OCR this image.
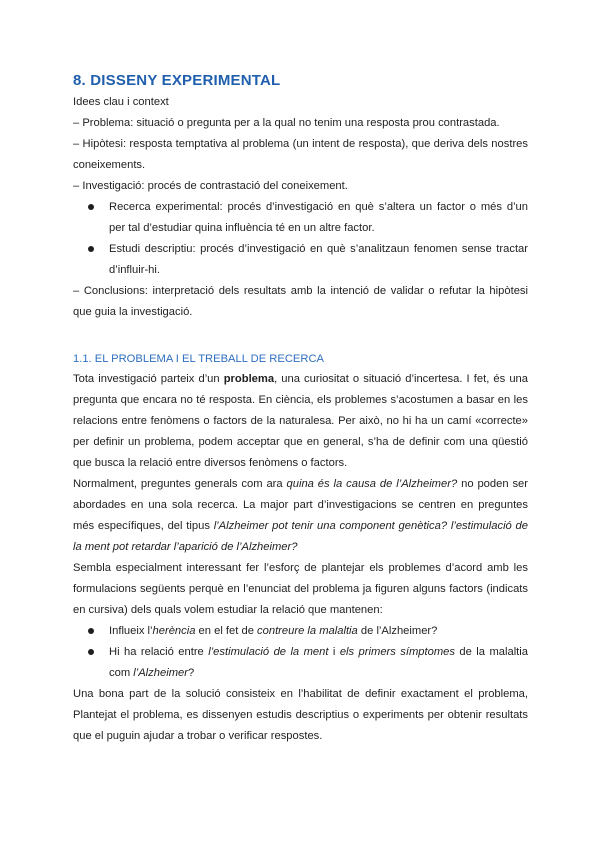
8. DISSENY EXPERIMENTAL

Idees clau i context

– Problema: situació o pregunta per a la qual no tenim una resposta prou contrastada.

– Hipòtesi: resposta temptativa al problema (un intent de resposta), que deriva dels nostres coneixements.

– Investigació: procés de contrastació del coneixement.

Recerca experimental: procés d’investigació en què s’altera un factor o més d’un per tal d’estudiar quina influència té en un altre factor.
Estudi descriptiu: procés d’investigació en què s’analitzaun fenomen sense tractar d’influir-hi.

– Conclusions: interpretació dels resultats amb la intenció de validar o refutar la hipòtesi que guia la investigació.

1.1. EL PROBLEMA I EL TREBALL DE RECERCA

Tota investigació parteix d’un problema, una curiositat o situació d’incertesa. I fet, és una pregunta que encara no té resposta. En ciència, els problemes s’acostumen a basar en les relacions entre fenòmens o factors de la naturalesa. Per això, no hi ha un camí «correcte» per definir un problema, podem acceptar que en general, s’ha de definir com una qüestió que busca la relació entre diversos fenòmens o factors.

Normalment, preguntes generals com ara quina és la causa de l’Alzheimer? no poden ser abordades en una sola recerca. La major part d’investigacions se centren en preguntes més específiques, del tipus l’Alzheimer pot tenir una component genètica? l’estimulació de la ment pot retardar l’aparició de l’Alzheimer?

Sembla especialment interessant fer l’esforç de plantejar els problemes d’acord amb les formulacions següents perquè en l’enunciat del problema ja figuren alguns factors (indicats en cursiva) dels quals volem estudiar la relació que mantenen:

Influeix l’herència en el fet de contreure la malaltia de l’Alzheimer?
Hi ha relació entre l’estimulació de la ment i els primers símptomes de la malaltia com l’Alzheimer?

Una bona part de la solució consisteix en l’habilitat de definir exactament el problema, Plantejat el problema, es dissenyen estudis descriptius o experiments per obtenir resultats que el puguin ajudar a trobar o verificar respostes.
